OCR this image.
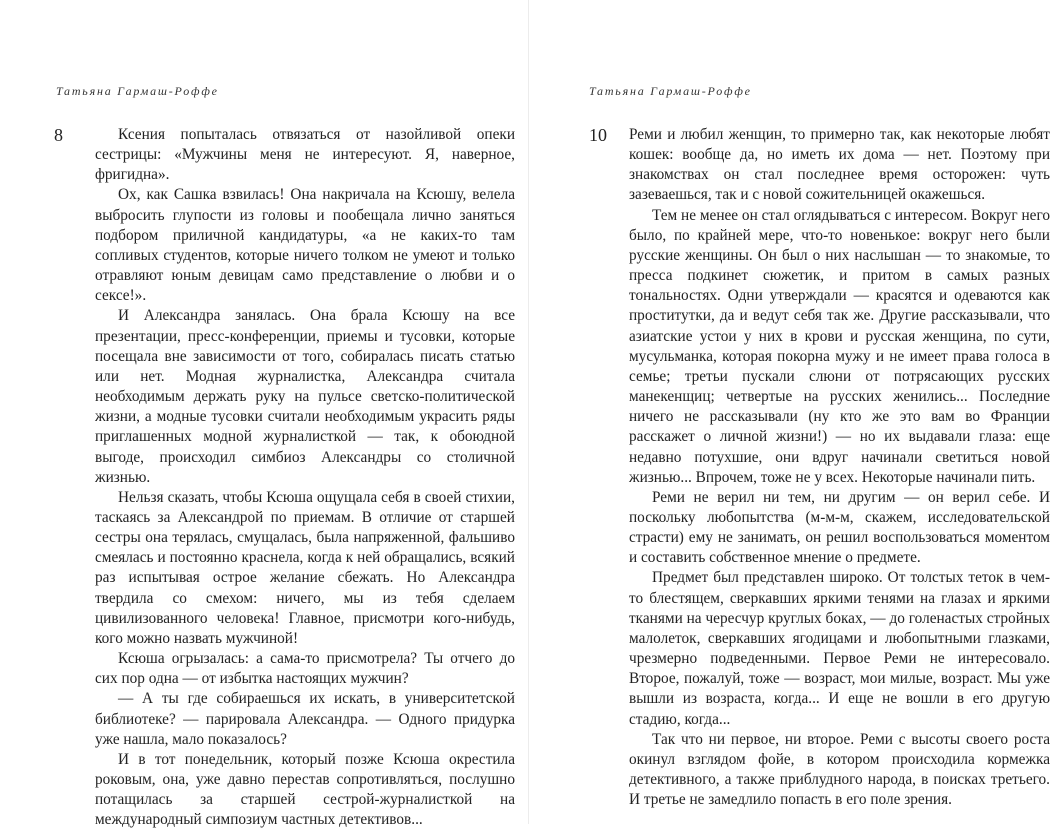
Татьяна Гармаш-Роффе
8	Ксения попыталась отвязаться от назойливой опеки сестрицы: «Мужчины меня не интересуют. Я, наверное, фригидна».

Ох, как Сашка взвилась! Она накричала на Ксюшу, велела выбросить глупости из головы и пообещала лично заняться подбором приличной кандидатуры, «а не каких-то там сопливых студентов, которые ничего толком не умеют и только отравляют юным девицам само представление о любви и о сексе!».

И Александра занялась. Она брала Ксюшу на все презентации, пресс-конференции, приемы и тусовки, которые посещала вне зависимости от того, собиралась писать статью или нет. Модная журналистка, Александра считала необходимым держать руку на пульсе светско-политической жизни, а модные тусовки считали необходимым украсить ряды приглашенных модной журналисткой — так, к обоюдной выгоде, происходил симбиоз Александры со столичной жизнью.

Нельзя сказать, чтобы Ксюша ощущала себя в своей стихии, таскаясь за Александрой по приемам. В отличие от старшей сестры она терялась, смущалась, была напряженной, фальшиво смеялась и постоянно краснела, когда к ней обращались, всякий раз испытывая острое желание сбежать. Но Александра твердила со смехом: ничего, мы из тебя сделаем цивилизованного человека! Главное, присмотри кого-нибудь, кого можно назвать мужчиной!

Ксюша огрызалась: а сама-то присмотрела? Ты отчего до сих пор одна — от избытка настоящих мужчин?

— А ты где собираешься их искать, в университетской библиотеке? — парировала Александра. — Одного придурка уже нашла, мало показалось?

И в тот понедельник, который позже Ксюша окрестила роковым, она, уже давно перестав сопротивляться, послушно потащилась за старшей сестрой-журналисткой на международный симпозиум частных детективов...

Татьяна Гармаш-Роффе
10 Реми и любил женщин, то примерно так, как некоторые любят кошек: вообще да, но иметь их дома — нет. Поэтому при знакомствах он стал последнее время осторожен: чуть зазеваешься, так и с новой сожительницей окажешься.

Тем не менее он стал оглядываться с интересом. Вокруг него было, по крайней мере, что-то новенькое: вокруг него были русские женщины. Он был о них наслышан — то знакомые, то пресса подкинет сюжетик, и притом в самых разных тональностях. Одни утверждали — красятся и одеваются как проститутки, да и ведут себя так же. Другие рассказывали, что азиатские устои у них в крови и русская женщина, по сути, мусульманка, которая покорна мужу и не имеет права голоса в семье; третьи пускали слюни от потрясающих русских манекенщиц; четвертые на русских женились... Последние ничего не рассказывали (ну кто же это вам во Франции расскажет о личной жизни!) — но их выдавали глаза: еще недавно потухшие, они вдруг начинали светиться новой жизнью... Впрочем, тоже не у всех. Некоторые начинали пить.

Реми не верил ни тем, ни другим — он верил себе. И поскольку любопытства (м-м-м, скажем, исследовательской страсти) ему не занимать, он решил воспользоваться моментом и составить собственное мнение о предмете.

Предмет был представлен широко. От толстых теток в чем-то блестящем, сверкавших яркими тенями на глазах и яркими тканями на чересчур круглых боках, — до голенастых стройных малолеток, сверкавших ягодицами и любопытными глазками, чрезмерно подведенными. Первое Реми не интересовало. Второе, пожалуй, тоже — возраст, мои милые, возраст. Мы уже вышли из возраста, когда... И еще не вошли в его другую стадию, когда...

Так что ни первое, ни второе. Реми с высоты своего роста окинул взглядом фойе, в котором происходила кормежка детективного, а также приблудного народа, в поисках третьего. И третье не замедлило попасть в его поле зрения.
